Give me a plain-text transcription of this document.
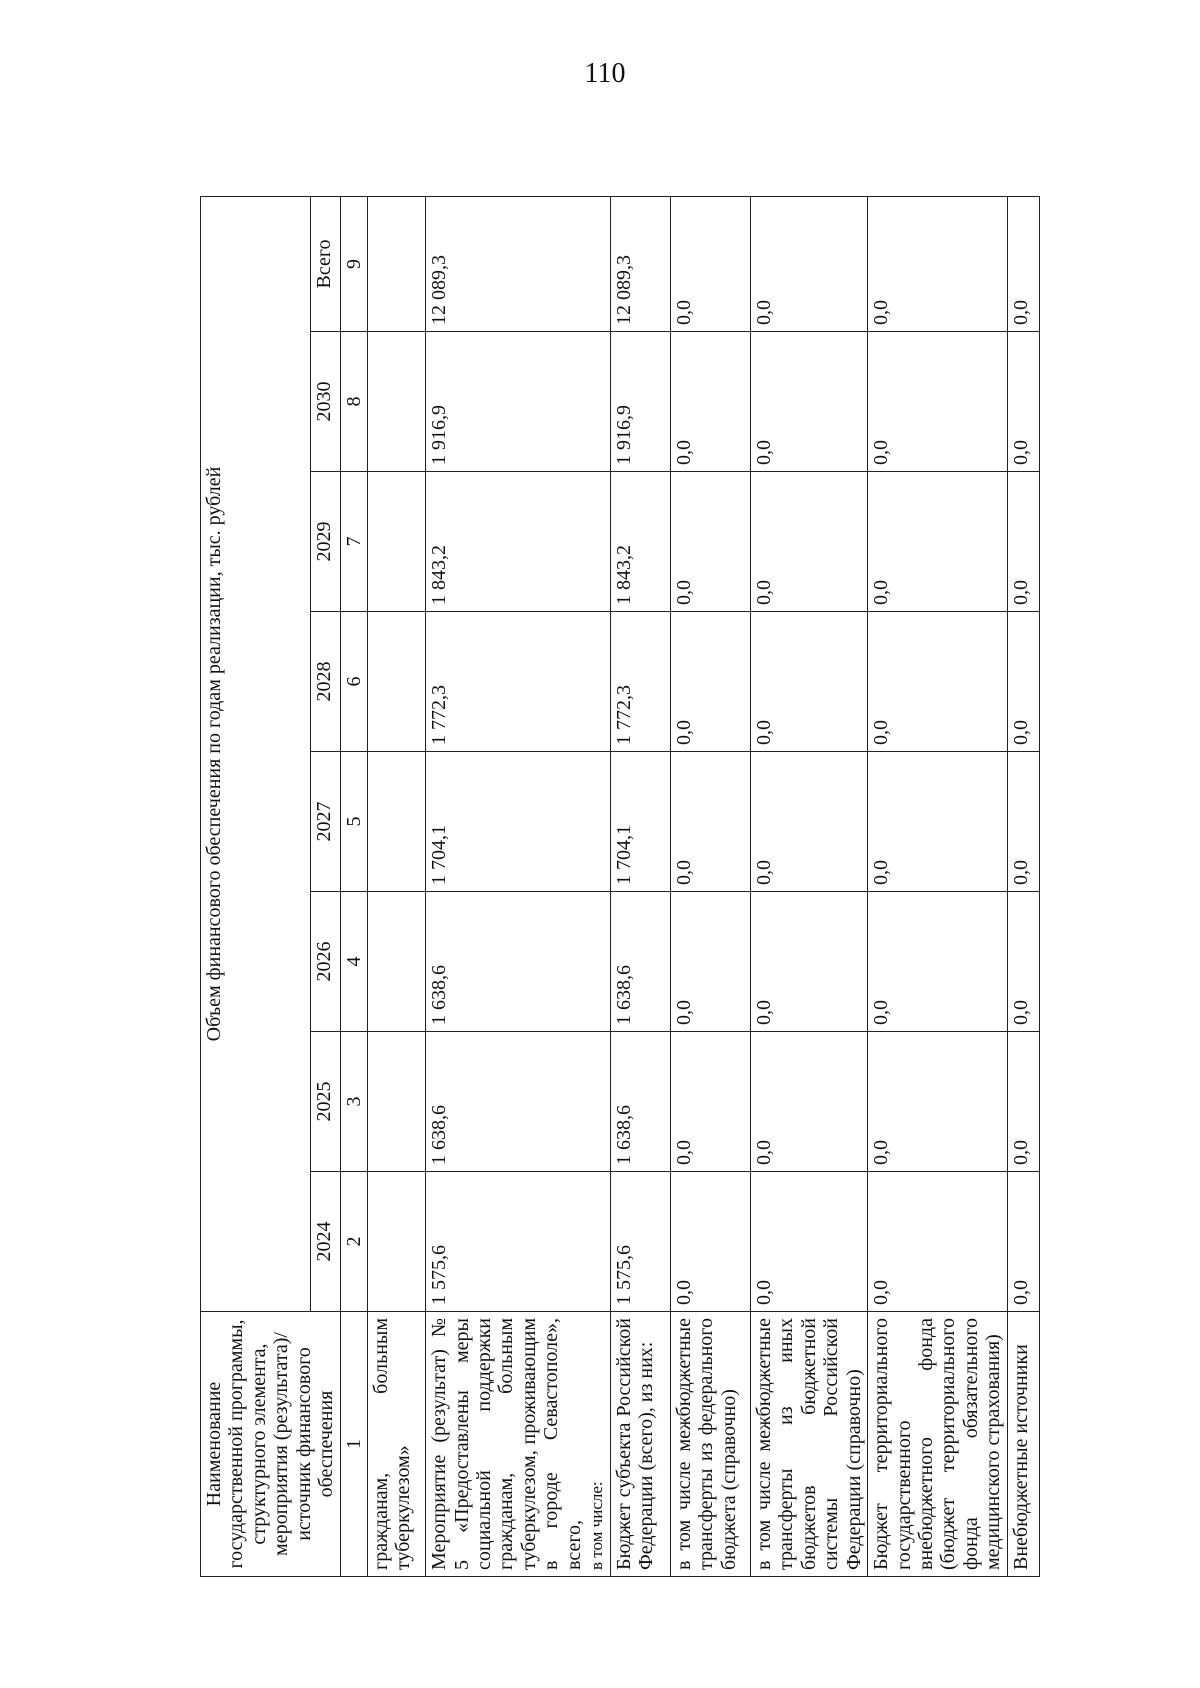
110
Наименование государственной программы, структурного элемента, мероприятия (результата)/источник финансового обеспечения	Объем финансового обеспечения по годам реализации, тыс. рублей							
	2024	2025	2026	2027	2028	2029	2030	Всего
1	2	3	4	5	6	7	8	9
гражданам, больным туберкулезом»								
Мероприятие (результат) № 5 «Предоставлены меры социальной поддержки гражданам, больным туберкулезом, проживающим в городе Севастополе», всего, в том числе:	1 575,6	1 638,6	1 638,6	1 704,1	1 772,3	1 843,2	1 916,9	12 089,3
Бюджет субъекта Российской Федерации (всего), из них:	1 575,6	1 638,6	1 638,6	1 704,1	1 772,3	1 843,2	1 916,9	12 089,3
в том числе межбюджетные трансферты из федерального бюджета (справочно)	0,0	0,0	0,0	0,0	0,0	0,0	0,0	0,0
в том числе межбюджетные трансферты из иных бюджетов бюджетной системы Российской Федерации (справочно)	0,0	0,0	0,0	0,0	0,0	0,0	0,0	0,0
Бюджет территориального государственного внебюджетного фонда (бюджет территориального фонда обязательного медицинского страхования)	0,0	0,0	0,0	0,0	0,0	0,0	0,0	0,0
Внебюджетные источники	0,0	0,0	0,0	0,0	0,0	0,0	0,0	0,0
